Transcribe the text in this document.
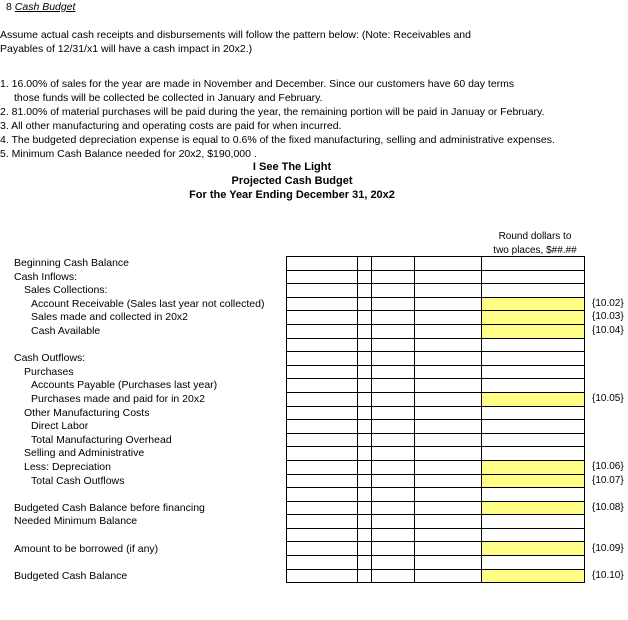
8 Cash Budget
Assume actual cash receipts and disbursements will follow the pattern below: (Note: Receivables and
Payables of 12/31/x1 will have a cash impact in 20x2.)
1. 16.00% of sales for the year are made in November and December. Since our customers have 60 day terms
those funds will be collected be collected in January and February.
2. 81.00% of material purchases will be paid during the year, the remaining portion will be paid in Januay or February.
3. All other manufacturing and operating costs are paid for when incurred.
4. The budgeted depreciation expense is equal to 0.6% of the fixed manufacturing, selling and administrative expenses.
5. Minimum Cash Balance needed for 20x2, $190,000 .
I See The Light
Projected Cash Budget
For the Year Ending December 31, 20x2
Round dollars to
two places, $##.##

Beginning Cash Balance
Cash Inflows:
Sales Collections:
Account Receivable (Sales last year not collected)	{10.02}
Sales made and collected in 20x2	{10.03}
Cash Available	{10.04}
Cash Outflows:
Purchases
Accounts Payable (Purchases last year)
Purchases made and paid for in 20x2	{10.05}
Other Manufacturing Costs
Direct Labor
Total Manufacturing Overhead
Selling and Administrative
Less: Depreciation	{10.06}
Total Cash Outflows	{10.07}
Budgeted Cash Balance before financing	{10.08}
Needed Minimum Balance
Amount to be borrowed (if any)	{10.09}
Budgeted Cash Balance	{10.10}
